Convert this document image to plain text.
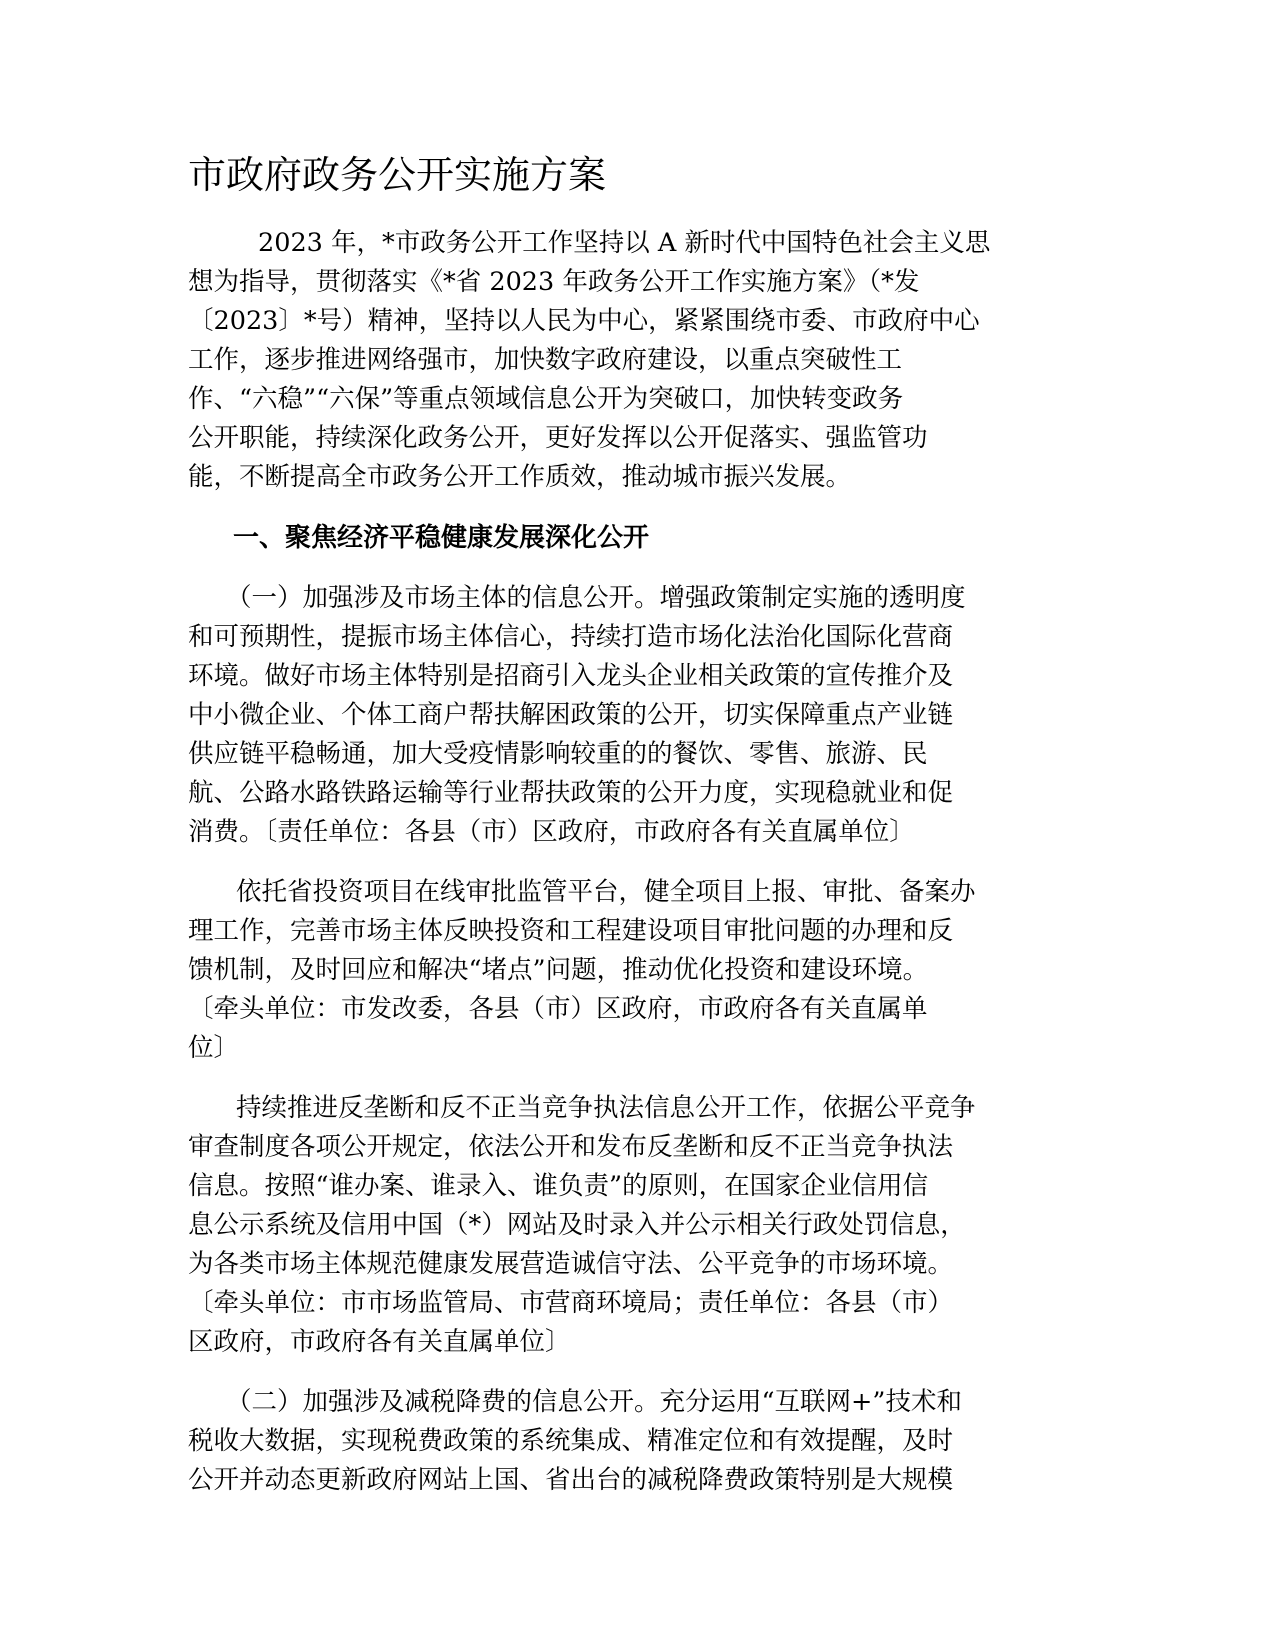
市政府政务公开实施方案

2023 年，*市政务公开工作坚持以 A 新时代中国特色社会主义思
想为指导，贯彻落实《*省 2023 年政务公开工作实施方案》（*发
〔2023〕*号）精神，坚持以人民为中心，紧紧围绕市委、市政府中心
工作，逐步推进网络强市，加快数字政府建设，以重点突破性工
作、“六稳”“六保”等重点领域信息公开为突破口，加快转变政务
公开职能，持续深化政务公开，更好发挥以公开促落实、强监管功
能，不断提高全市政务公开工作质效，推动城市振兴发展。

一、聚焦经济平稳健康发展深化公开

（一）加强涉及市场主体的信息公开。增强政策制定实施的透明度
和可预期性，提振市场主体信心，持续打造市场化法治化国际化营商
环境。做好市场主体特别是招商引入龙头企业相关政策的宣传推介及
中小微企业、个体工商户帮扶解困政策的公开，切实保障重点产业链
供应链平稳畅通，加大受疫情影响较重的的餐饮、零售、旅游、民
航、公路水路铁路运输等行业帮扶政策的公开力度，实现稳就业和促
消费。〔责任单位：各县（市）区政府，市政府各有关直属单位〕

依托省投资项目在线审批监管平台，健全项目上报、审批、备案办
理工作，完善市场主体反映投资和工程建设项目审批问题的办理和反
馈机制，及时回应和解决“堵点”问题，推动优化投资和建设环境。
〔牵头单位：市发改委，各县（市）区政府，市政府各有关直属单
位〕

持续推进反垄断和反不正当竞争执法信息公开工作，依据公平竞争
审查制度各项公开规定，依法公开和发布反垄断和反不正当竞争执法
信息。按照“谁办案、谁录入、谁负责”的原则，在国家企业信用信
息公示系统及信用中国（*）网站及时录入并公示相关行政处罚信息，
为各类市场主体规范健康发展营造诚信守法、公平竞争的市场环境。
〔牵头单位：市市场监管局、市营商环境局；责任单位：各县（市）
区政府，市政府各有关直属单位〕

（二）加强涉及减税降费的信息公开。充分运用“互联网+”技术和
税收大数据，实现税费政策的系统集成、精准定位和有效提醒，及时
公开并动态更新政府网站上国、省出台的减税降费政策特别是大规模
